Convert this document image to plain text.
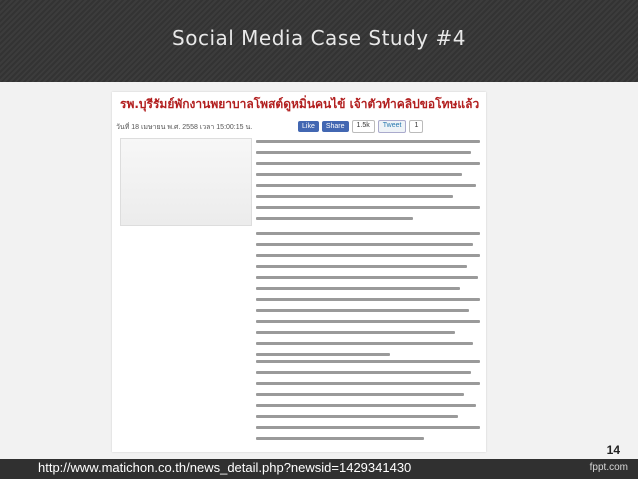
Social Media Case Study #4
รพ.บุรีรัมย์พักงานพยาบาลโพสต์ดูหมิ่นคนไข้ เจ้าตัวทำคลิปขอโทษแล้ว
วันที่ 18 เมษายน พ.ศ. 2558 เวลา 15:00:15 น.	Like	Share	1.5k	Tweet	1
14
http://www.matichon.co.th/news_detail.php?newsid=1429341430	fppt.com
